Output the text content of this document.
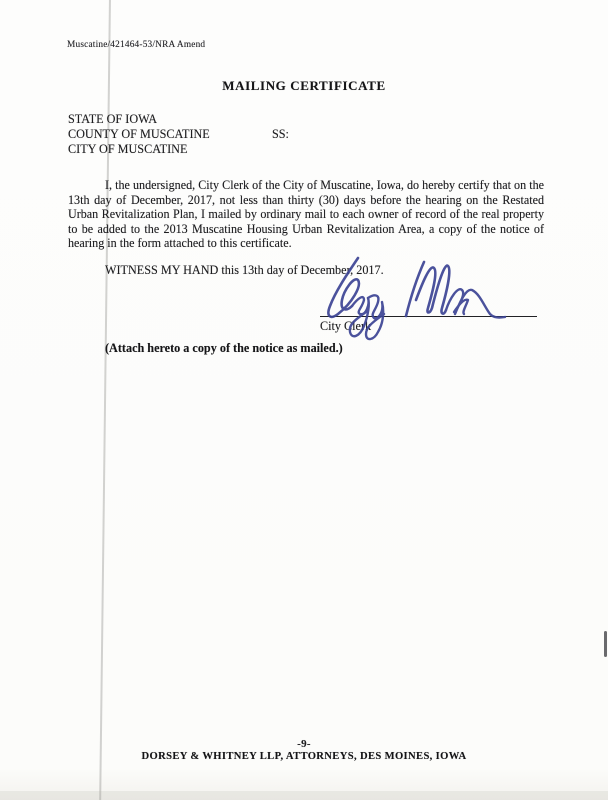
Muscatine/421464-53/NRA Amend
MAILING CERTIFICATE
STATE OF IOWA
COUNTY OF MUSCATINE	SS:
CITY OF MUSCATINE

I, the undersigned, City Clerk of the City of Muscatine, Iowa, do hereby certify that on the 13th day of December, 2017, not less than thirty (30) days before the hearing on the Restated Urban Revitalization Plan, I mailed by ordinary mail to each owner of record of the real property to be added to the 2013 Muscatine Housing Urban Revitalization Area, a copy of the notice of hearing in the form attached to this certificate.

WITNESS MY HAND this 13th day of December, 2017.

City Clerk

(Attach hereto a copy of the notice as mailed.)

-9-
DORSEY & WHITNEY LLP, ATTORNEYS, DES MOINES, IOWA
